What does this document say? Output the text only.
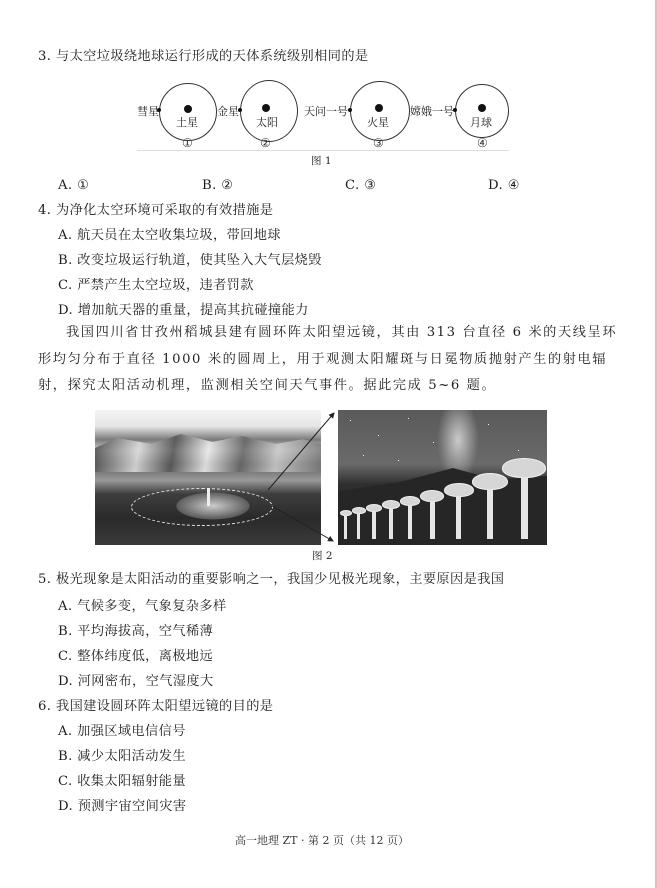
3. 与太空垃圾绕地球运行形成的天体系统级别相同的是
彗星
土星
①
金星
太阳
②
天问一号
火星
③
嫦娥一号
月球
④
图 1
A. ①	B. ②	C. ③	D. ④
4. 为净化太空环境可采取的有效措施是
A. 航天员在太空收集垃圾，带回地球
B. 改变垃圾运行轨道，使其坠入大气层烧毁
C. 严禁产生太空垃圾，违者罚款
D. 增加航天器的重量，提高其抗碰撞能力
我国四川省甘孜州稻城县建有圆环阵太阳望远镜，其由 313 台直径 6 米的天线呈环
形均匀分布于直径 1000 米的圆周上，用于观测太阳耀斑与日冕物质抛射产生的射电辐
射，探究太阳活动机理，监测相关空间天气事件。据此完成 5~6 题。
图 2
5. 极光现象是太阳活动的重要影响之一，我国少见极光现象，主要原因是我国
A. 气候多变，气象复杂多样
B. 平均海拔高，空气稀薄
C. 整体纬度低，离极地远
D. 河网密布，空气湿度大
6. 我国建设圆环阵太阳望远镜的目的是
A. 加强区域电信信号
B. 减少太阳活动发生
C. 收集太阳辐射能量
D. 预测宇宙空间灾害
高一地理 ZT · 第 2 页（共 12 页）
